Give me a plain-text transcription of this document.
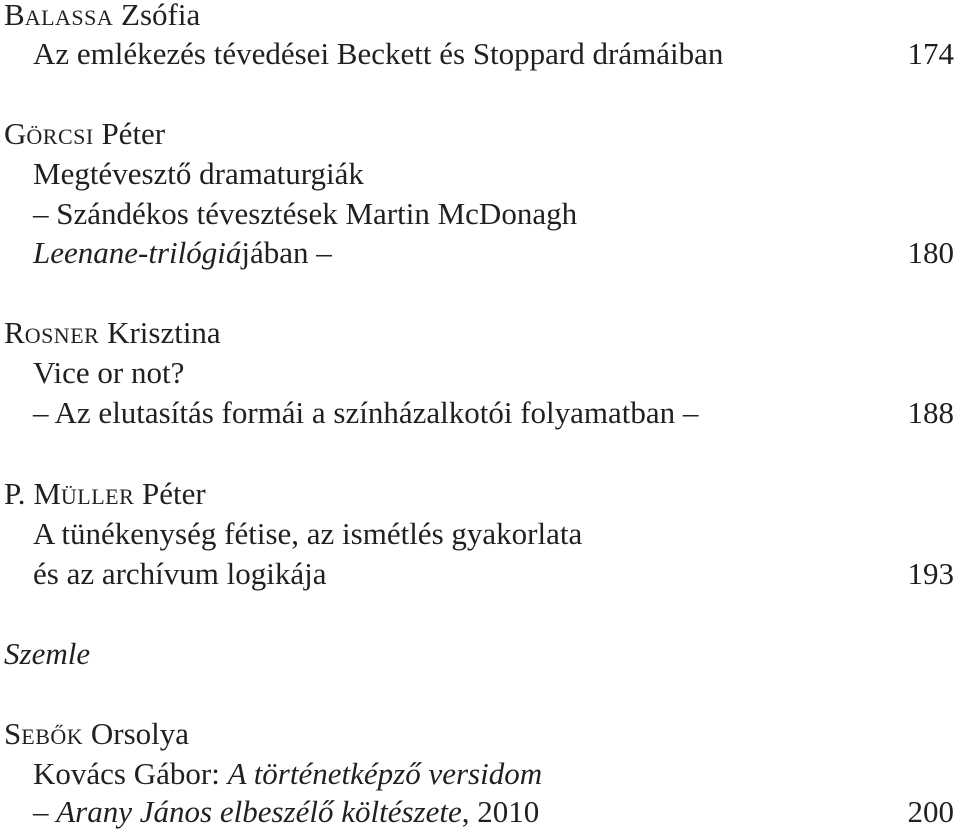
BALASSA Zsófia
Az emlékezés tévedései Beckett és Stoppard drámáiban	174
GÖRCSI Péter
Megtévesztő dramaturgiák
– Szándékos tévesztések Martin McDonagh
Leenane-trilógiájában –	180
ROSNER Krisztina
Vice or not?
– Az elutasítás formái a színházalkotói folyamatban –	188
P. MÜLLER Péter
A tünékenység fétise, az ismétlés gyakorlata
és az archívum logikája	193
Szemle
SEBŐK Orsolya
Kovács Gábor: A történetképző versidom
– Arany János elbeszélő költészete, 2010	200
